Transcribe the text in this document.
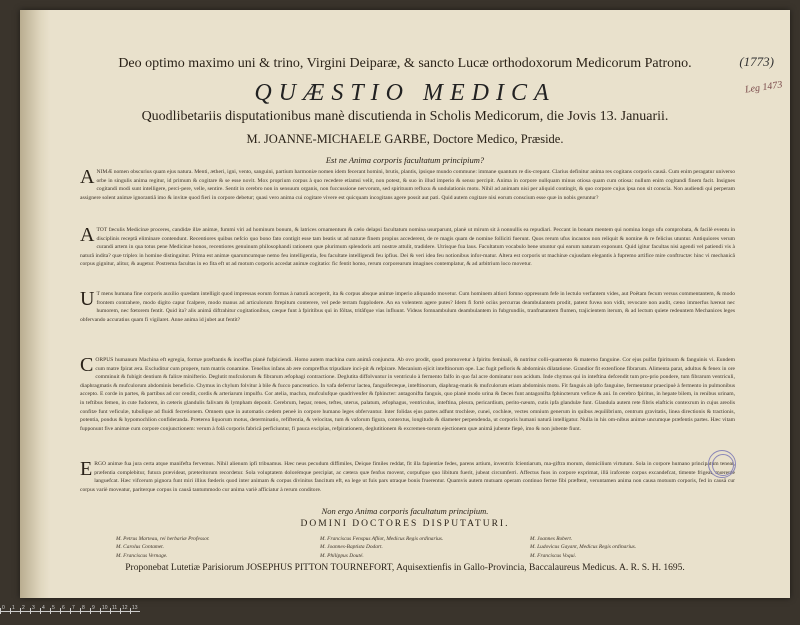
(1773)
Leg 1473
Deo optimo maximo uni & trino, Virgini Deiparæ, & sancto Lucæ orthodoxorum Medicorum Patrono.
QUÆSTIO MEDICA
Quodlibetariis disputationibus manè discutienda in Scholis Medicorum, die Jovis 13. Januarii.
M. JOANNE-MICHAELE GARBE, Doctore Medico, Præside.
Est ne Anima corporis facultatum principium?
ANIMÆ nomen obscurius quam ejus natura. Menti, ætheri, igni, vento, sanguini, partium harmoniæ nomen idem fecerant homini, brutis, plantis, ipsique mundo commune: immane quantum re dis-crepant. Clarius definitur anima res cogitans corporis causâ. Cum enim peragatur universo orbe in singulis anima regitur, id primum & cogitare & se esse novit. Mox proprium corpus à quo recedere etiamsi velit, non potest, & suo in illud imperio & sensu percipit. Anima in corpore nullquam minus otiosa quam cum otiosa: nullum enim cogitandi finem facit. Insignes cogitandi modi sunt intelligere, perci-pere, velle, sentire. Sentit in cerebro non in sensuum organis, non fuccussione nervorum, sed spirituum refluxu & undulationis motu. Nihil ad animam nisi per aliquid contingit, & quo corpore cujus ipsa non sit conscia. Non audiendi qui perperam assignere solent animæ ignorantiâ imo & invitæ quod fieri in corpore debetur; quasi vero anima cui cogitare vivere est quicquam incogitans agere possit aut pati. Quid autem cogitare nisi eorum conscium esse quæ in nobis geruntur?
ATOT fæculis Medicinæ proceres, candidæ illæ animæ, fummi viri ad hominum bonum, & latrices ornamentum & cælo delapsi facultatum nomina usurparunt, planè ut mirum sit à nonnullis ea repudiari. Peccant in bonam mentem qui nomina longo ufu comprobata, & facilè eventu in disciplinis receptâ eliminare contendunt. Recentiores quibus nefcio quo bono fato contigit esse tam beatis ut ad naturæ finem propius accederent, de re magis quam de nomine folliciti fuerunt. Quos rerum ufus incautos non reliquit & nomine & re felicius utuntur. Antiquiores verum curandi artem in qua totus pene Medicinæ honos, recentiores genuinum philosophandi rationem quæ plurimum splendoris arti nostræ attulit, tradidere. Utrisque fua laus. Facultatum vocabulo bene utuntur qui earum naturam exponunt. Quid igitur facultas nisi agendi vel patiendi vis à naturâ indita? quæ triplex in homine distinguitur. Prima est animæ quarumcumque nemo feu intelligentia, feu facultate intelligendi feu ipfius. Dei & veri idea feu notionibus infor-matur. Altera est corporis ut machinæ cujusdam elegantis à fupremo artifice mire conftructæ: hinc vi mechanicâ corpus gignitur, alitur, & augetur. Postrema facultas in eo fita eft ut ad motum corporis accedat animæ cogitatio: fic fentit homo, rerum corporearum imagines contemplatur, & ad arbitrium loco movetur.
U T mens humana fine corporis auxilio quædam intelligit quod impressas eorum formas à naturâ acceperit, ita & corpus absque animæ imperio aliquando movetur. Cum hominem altiori fomno oppressum fefe in lectulo verfantem vides, aut Poëtam fecum versus commentantem, & modo frontem contrahere, modo digito capur fcalpere, modo manus ad articulorum ftrepitum conterere, vel pede terram fupplodere. An ea volentem agere putes? Idem fi fortè ociùs percurras deambulantem prodit, patent fuvea non vidit, revocare non audit, cæno immerfus hæreat nec humorem, nec fœtorem fentit. Quid ita? alis animâ diftrahitur cogitationibus, cæque funt à fpiritibus qui in fôltas, tritâfque vias influunt. Videas fomnambulum deambulantem in fubgrundiis, tranfnatantem flumen, trajicientem iterum, & ad lectum quiete redeuntem Mechanices leges obfervando accuratius quam fi vigilaret. Anne anima id jubet aut fentit?
CORPUS humanum Machina eft egregia, formæ præftantis & inceffus planè fufpiciendi. Homo autem machina cum animâ conjuncta. Ab ovo prodit, quod promovetur à fpiritu feminali, & nutritur colli-quamento & materno fanguine. Cor ejus pulfat fpirituum & fanguinis vi. Eundem cum matre fpirat æra. Excluditur cum propere, tum matris conamine. Tenellus infans ab ære compreffus tripudiare inci-pit & refpirare. Mecanium ejicit inteftinorum ope. Lac fugit pefloris & abdominis dilatatione. Grandior fit extenfione fibrarum. Alimenta parat, adultus & fenex in ore comminuit & fubigit dentium & faliræ minifterio. Deglutit mufculorum & fibrarum æfophagi contractione. Deglutita diffolvuntur in ventriculo à fermento falfo in quo fal acre dominatur non acidum. Inde chymus qui in inteftina defcendit tum pro-prio pondere, tum fibrarum ventriculi, diaphragmatis & mufculorum abdominis beneficio. Chymus in chylum folvitur à bile & fucco pancreatico. In vafa deferrur lactea, fanguiferæque, inteftinorum, diaphrag-matis & mufculorum etiam abdominis motu. Fit fanguis ab ipfo fanguine, fermentatur praecipuè à fermento in pulmonibus accepto. E corde in partes, & partibus ad cor cendit, cordis & arteriarum impulfu. Cor atelia, machra, mufculufque quadrivenfer & fphincter: antagonifta fanguis, quo planè modo urina & fæces funt antagonifta fphincterum veficæ & ani. In cerebro fpiritus, in hepate bilem, in renibus urinam, in teftibus femen, in cute fudorem, in cæteris glandulis falivam & lympham deponit. Cerebrum, hepar, renes, teftes, uterus, palatum, æfophagus, ventriculus, inteftina, pleura, pericardium, perito-næum, cutis ipfa glandulæ funt. Glandula autem rete fibris elafticis contexrum in cujus areolis confitæ funt veficulæ, tubulique ad fluidi fecretionem. Omnem quæ in automatis cædem peneè in corpore humano leges obfervantur. Inter folidas ejus partes adfunt trochleæ, cunei, cochleæ, vectes omnium generum in quibus æquilibrium, centrum gravitatis, linea directionis & tractionis, potentia, pondus & hypomochlion confideranda. Præterea liquorum motus, determinatio, refiftentia, & velocitas, tum & vaforum figura, contextus, longitudo & diameter perpendenda, ut corporis humani naturâ intelligatur. Nulla in his om-nibus animæ uncumque præfentis partes. Hæc vitam fupponunt five animæ cum corpore conjunctionem: verum à folâ corporis fabricâ perficiuntur, fi pauca excipias, refpirationem, deglutitionem & excremen-torum ejectionem quæ animâ jubente fiepè, imo & non jubente fiunt.
ERGO animæ fua jura certa atque manifefta fervemus. Nihil alienum ipfi tribuamus. Hæc neus pecudum diffimiles, Deique fimiles reddat, fit illa fapientiæ fedes, parens artium, inventrix fcientiarum, ma-giftra morum, domicilium virtutum. Sola in corpore humano principatum teneat, præfentia complebitur, futura prævideat, præteritorum recordetur. Sola voluptatem dolorémque percipiat, ac cætera quæ fenfus movent, corpufque quo libitum fuerit, jubeat circumferri. Affectus fuos in corpore exprimat, illâ irafcente corpus excandefcat, timente frigeat, mœrente languefcat. Hæc vifcerum pignora funt miri illius fœderis quod inter animam & corpus divinitus fancitum eft, ea lege ut fuis pars utraque bonis fruerentur. Quamvis autem mutuam operam continuo ferme fibi præftent, veruntamen anima non causa motuum corporis, fed in causâ cur corpus variè moveatur, pariterque corpus in causâ tantummodo cur anima variè afficiatur à rerum conditore.
Non ergo Anima corporis facultatum principium.
DOMINI DOCTORES DISPUTATURI.
M. Petrus Marteau, rei herbariæ Professor.
M. Carolus Contamet.
M. Franciscus Vernage.
M. Franciscus Fenspus Afliot, Medicus Regis ordinarius.
M. Joannes-Baptista Dodart.
M. Philippus Douté.
M. Joannes Robert.
M. Ludovicus Gayant, Medicus Regis ordinarius.
M. Franciscus Voqui.
Proponebat Lutetiæ Parisiorum JOSEPHUS PITTON TOURNEFORT, Aquisextienfis in Gallo-Provincia, Baccalaureus Medicus. A. R. S. H. 1695.
0 1 2 3 4 5 6 7 8 9 10 11 12 13
